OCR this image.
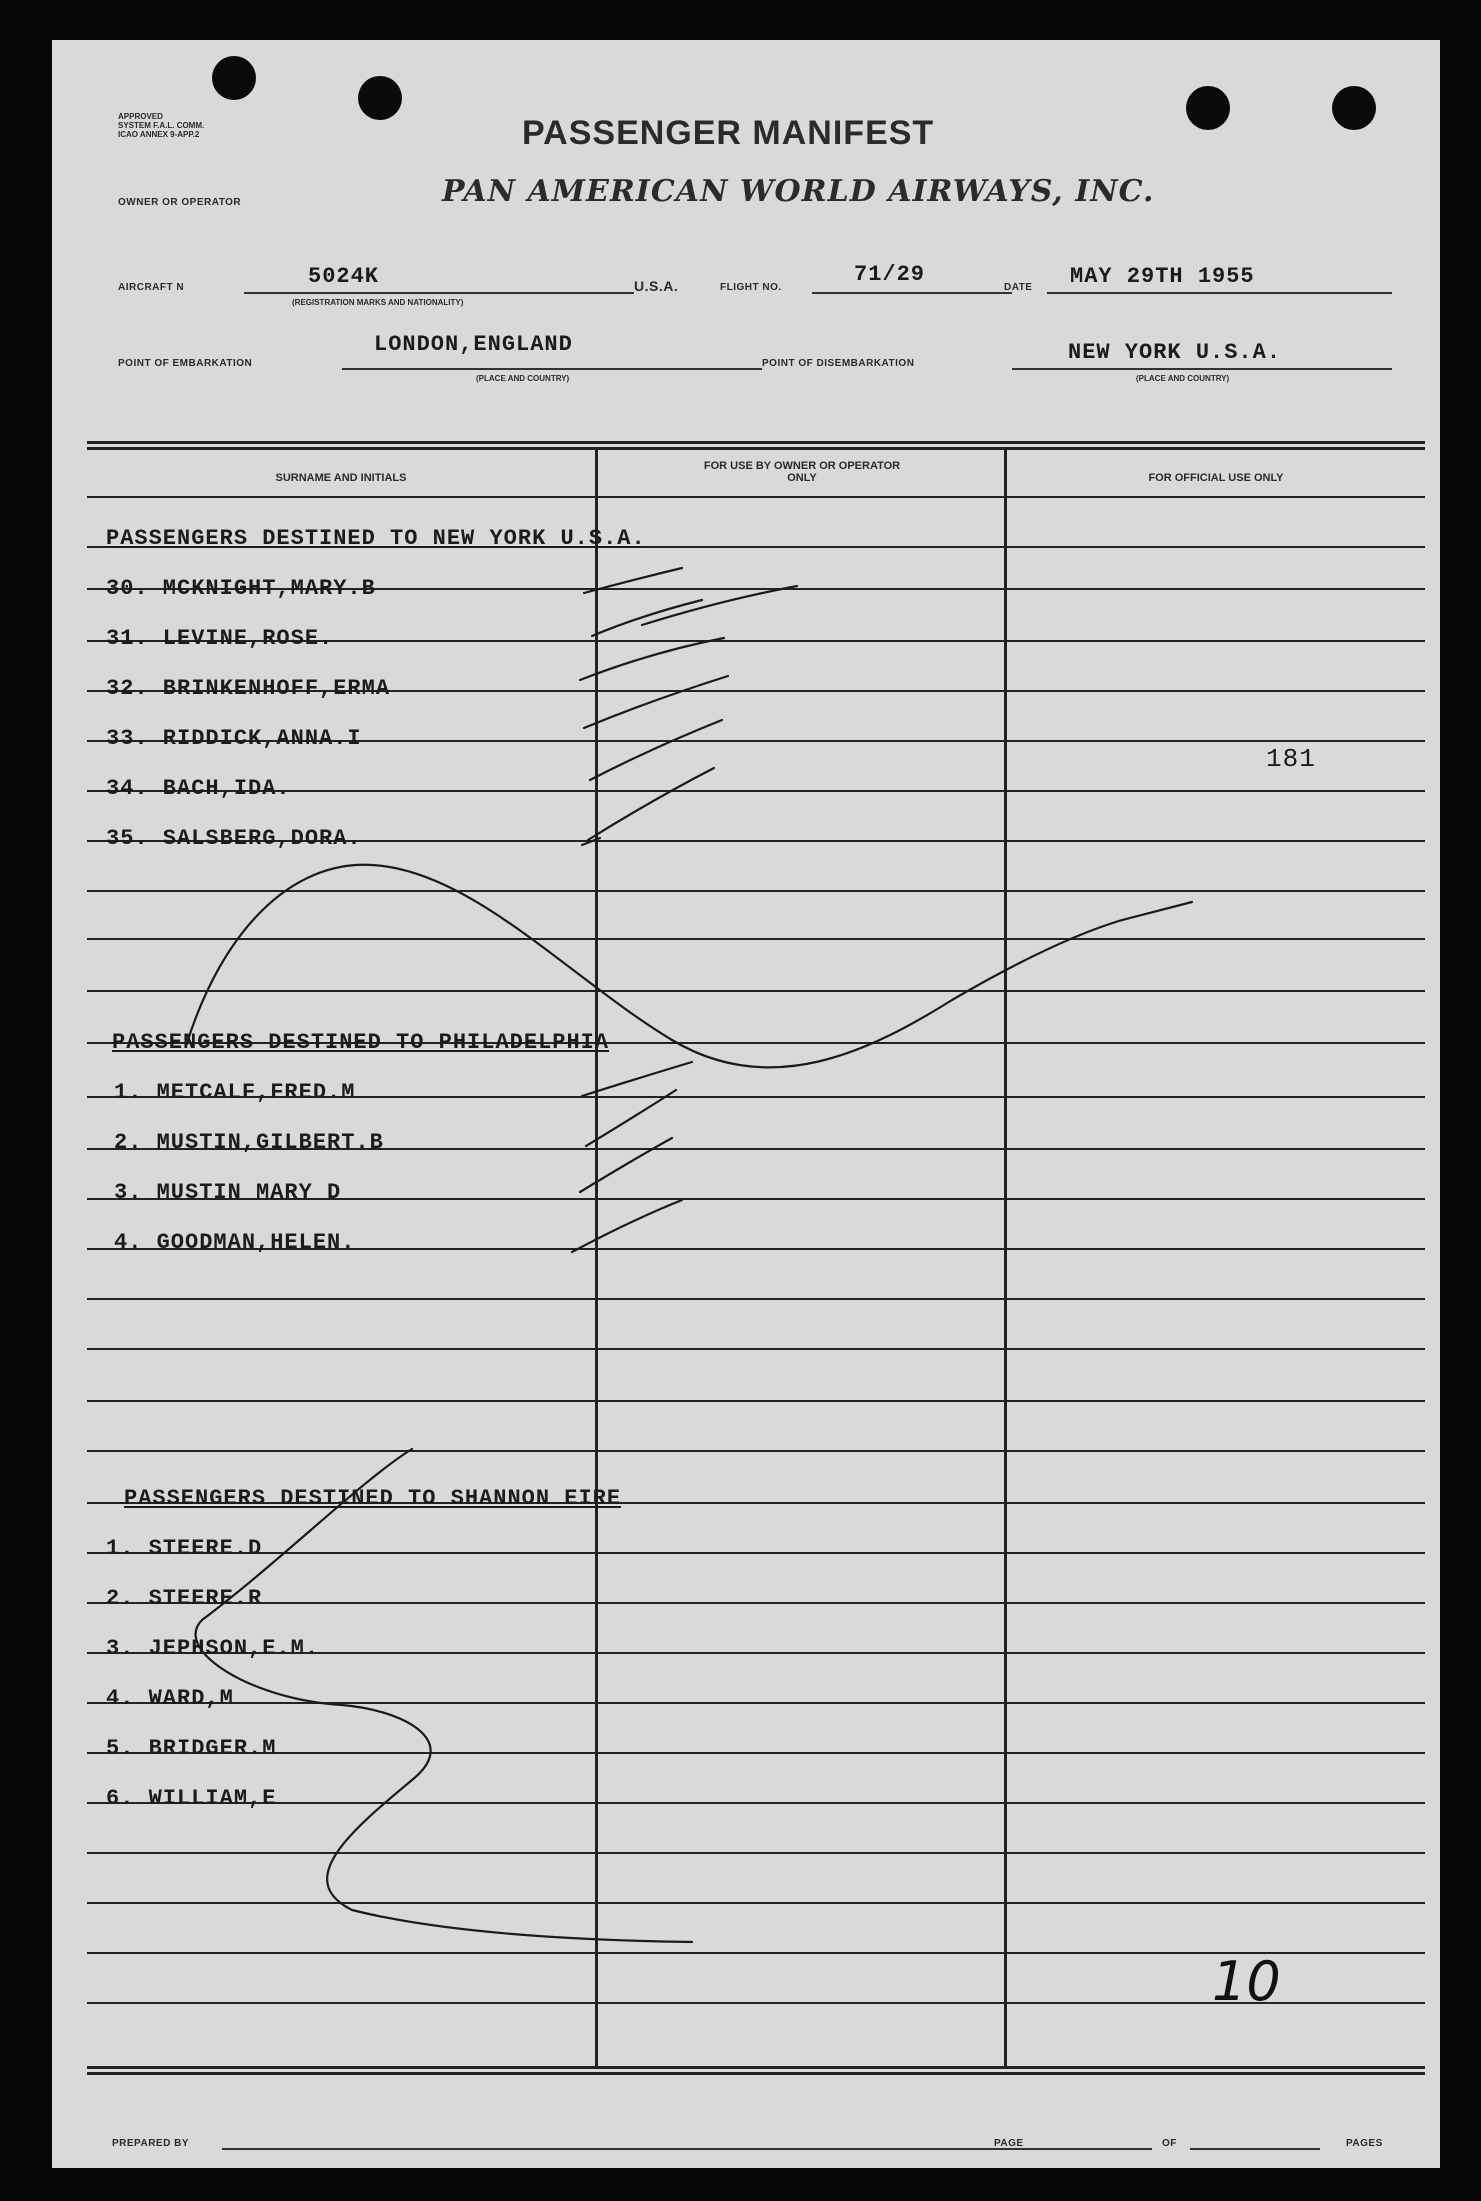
APPROVED
SYSTEM F.A.L. COMM.
ICAO ANNEX 9-APP.2	PASSENGER MANIFEST
OWNER OR OPERATOR	PAN AMERICAN WORLD AIRWAYS, INC.
AIRCRAFT N	5024K
(REGISTRATION MARKS AND NATIONALITY)
U.S.A.	FLIGHT NO.
71/29
DATE MAY 29TH 1955
POINT OF EMBARKATION
LONDON,ENGLAND
(PLACE AND COUNTRY)
POINT OF DISEMBARKATION	NEW YORK U.S.A.
(PLACE AND COUNTRY)
SURNAME AND INITIALS
FOR USE BY OWNER OR OPERATOR ONLY	FOR OFFICIAL USE ONLY
PASSENGERS DESTINED TO NEW YORK U.S.A.
PASSENGERS DESTINED TO PHILADELPHIA
PASSENGERS DESTINED TO SHANNON EIRE
30. MCKNIGHT,MARY.B
31. LEVINE,ROSE.
32. BRINKENHOFF,ERMA
33. RIDDICK,ANNA.I
34. BACH,IDA.
35. SALSBERG,DORA.
1. METCALF,FRED.M
2. MUSTIN,GILBERT.B
3. MUSTIN MARY D
4. GOODMAN,HELEN.
1. STEERE.D
2. STEERE.R
3. JEPHSON,E.M.
4. WARD,M
5. BRIDGER.M
6. WILLIAM,E
181
10
PREPARED BY	PAGE	OF	PAGES
